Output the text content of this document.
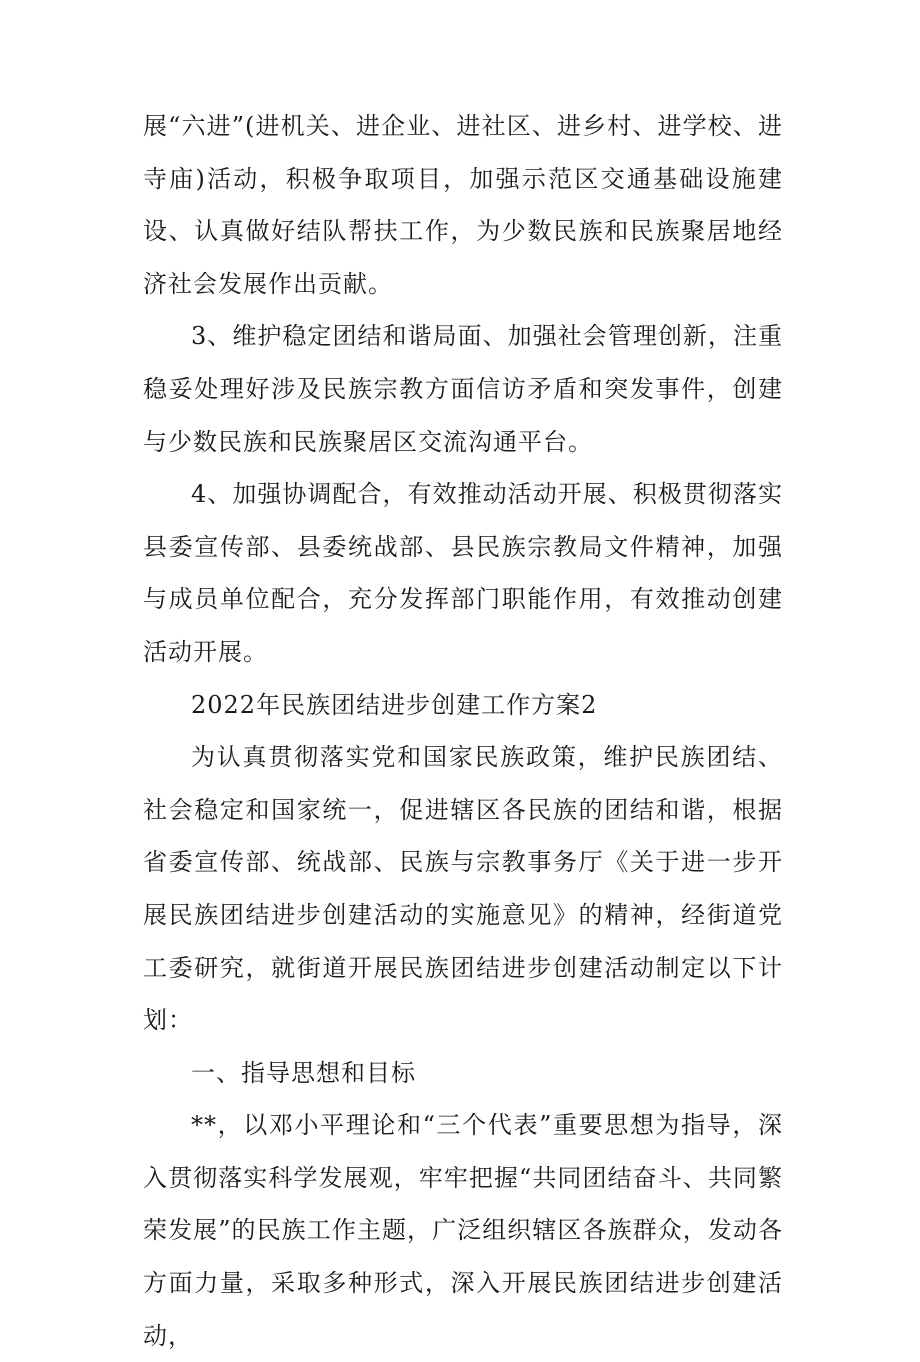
展“六进”(进机关、进企业、进社区、进乡村、进学校、进寺庙)活动，积极争取项目，加强示范区交通基础设施建设、认真做好结队帮扶工作，为少数民族和民族聚居地经济社会发展作出贡献。

3、维护稳定团结和谐局面、加强社会管理创新，注重稳妥处理好涉及民族宗教方面信访矛盾和突发事件，创建与少数民族和民族聚居区交流沟通平台。

4、加强协调配合，有效推动活动开展、积极贯彻落实县委宣传部、县委统战部、县民族宗教局文件精神，加强与成员单位配合，充分发挥部门职能作用，有效推动创建活动开展。

2022年民族团结进步创建工作方案2

为认真贯彻落实党和国家民族政策，维护民族团结、社会稳定和国家统一，促进辖区各民族的团结和谐，根据省委宣传部、统战部、民族与宗教事务厅《关于进一步开展民族团结进步创建活动的实施意见》的精神，经街道党工委研究，就街道开展民族团结进步创建活动制定以下计划：

一、指导思想和目标

**，以邓小平理论和“三个代表”重要思想为指导，深入贯彻落实科学发展观，牢牢把握“共同团结奋斗、共同繁荣发展”的民族工作主题，广泛组织辖区各族群众，发动各方面力量，采取多种形式，深入开展民族团结进步创建活动，
